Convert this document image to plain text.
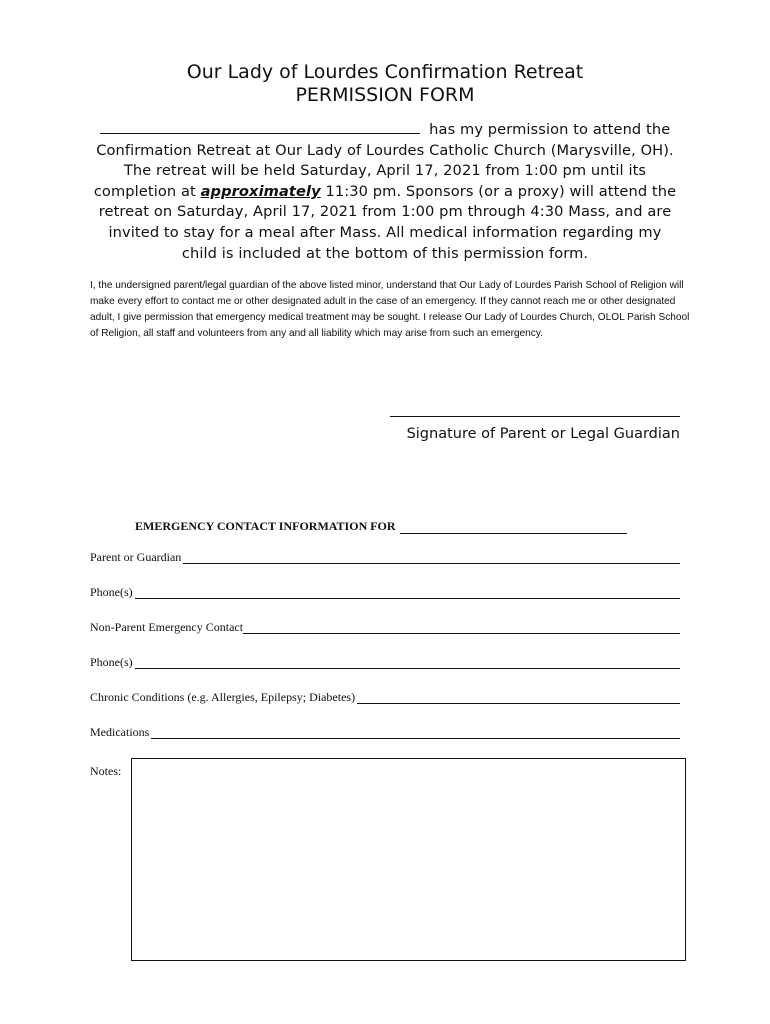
Our Lady of Lourdes Confirmation Retreat
PERMISSION FORM
has my permission to attend the Confirmation Retreat at Our Lady of Lourdes Catholic Church (Marysville, OH). The retreat will be held Saturday, April 17, 2021 from 1:00 pm until its completion at approximately 11:30 pm. Sponsors (or a proxy) will attend the retreat on Saturday, April 17, 2021 from 1:00 pm through 4:30 Mass, and are invited to stay for a meal after Mass. All medical information regarding my child is included at the bottom of this permission form.
I, the undersigned parent/legal guardian of the above listed minor, understand that Our Lady of Lourdes Parish School of Religion will make every effort to contact me or other designated adult in the case of an emergency. If they cannot reach me or other designated adult, I give permission that emergency medical treatment may be sought. I release Our Lady of Lourdes Church, OLOL Parish School of Religion, all staff and volunteers from any and all liability which may arise from such an emergency.
Signature of Parent or Legal Guardian
EMERGENCY CONTACT INFORMATION FOR
Parent or Guardian
Phone(s)
Non-Parent Emergency Contact
Phone(s)
Chronic Conditions (e.g. Allergies, Epilepsy; Diabetes)
Medications
Notes:
